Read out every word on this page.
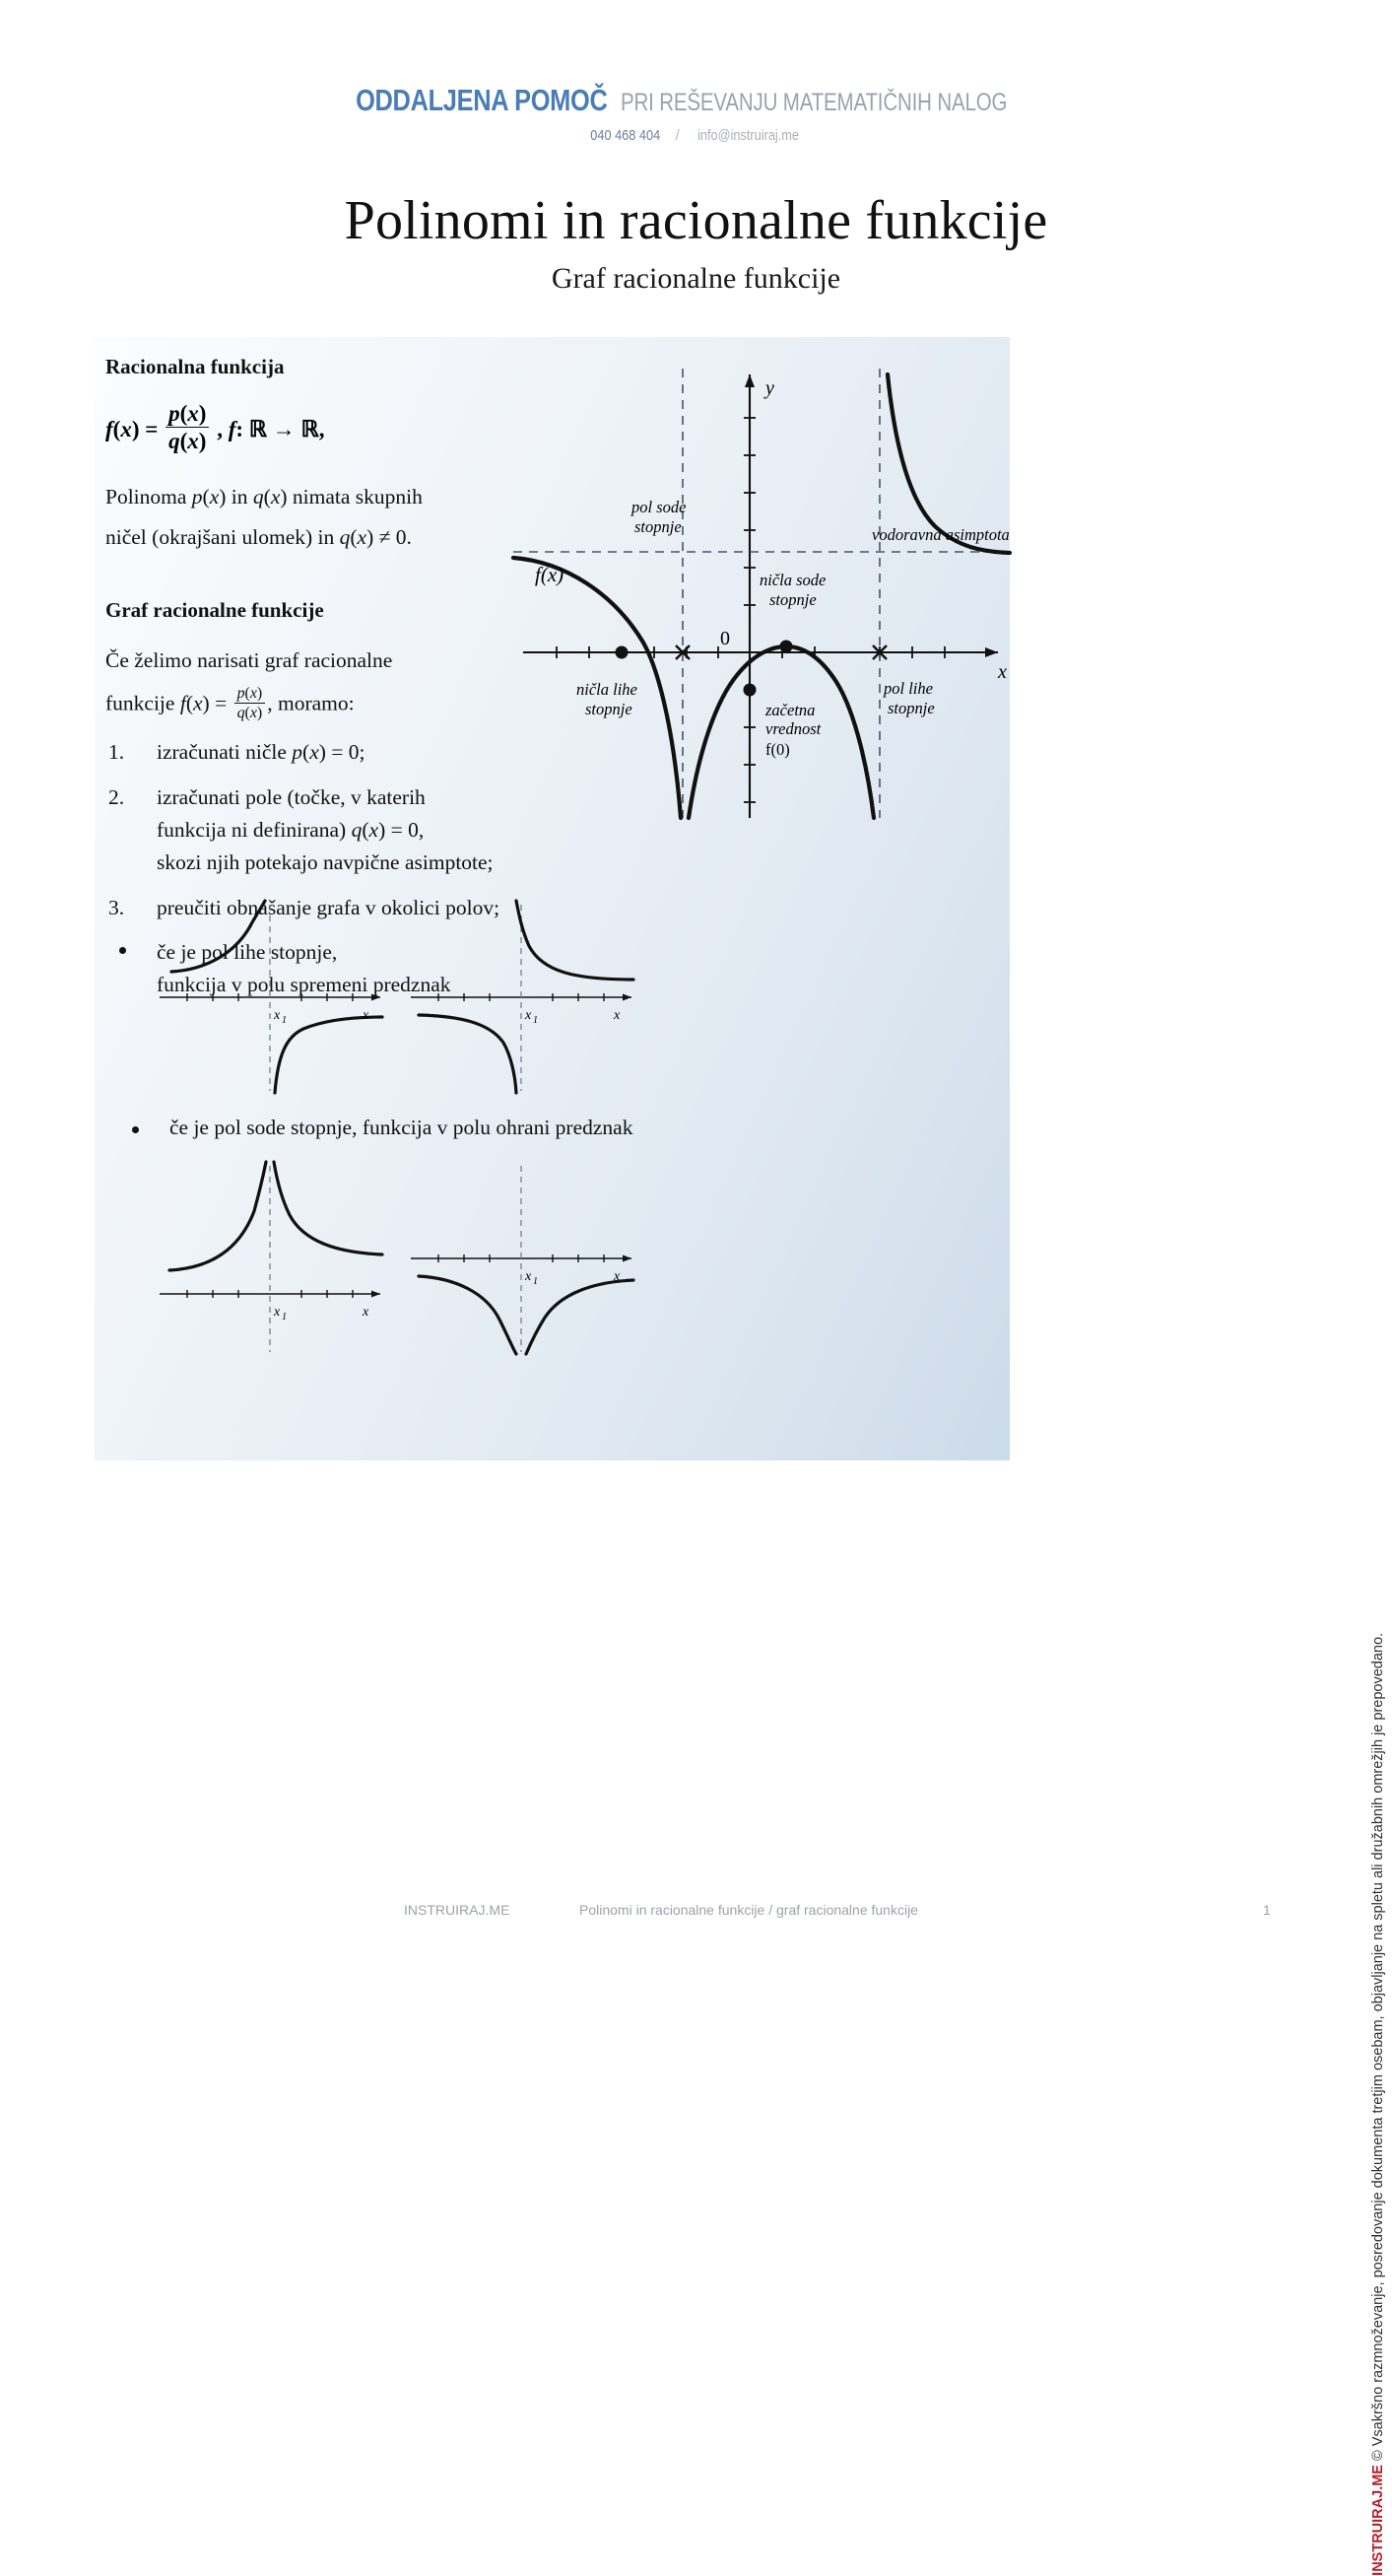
ODDALJENA POMOČ PRI REŠEVANJU MATEMATIČNIH NALOG
040 468 404 / info@instruiraj.me
Polinomi in racionalne funkcije
Graf racionalne funkcije
Racionalna funkcija
$f(x) = \frac{p(x)}{q(x)}$ , f: ℝ → ℝ,
Polinoma p(x) in q(x) nimata skupnih
ničel (okrajšani ulomek) in q(x) ≠ 0.
Graf racionalne funkcije
Če želimo narisati graf racionalne
funkcije $f(x) = \frac{p(x)}{q(x)}$ , moramo:
1. izračunati ničle p(x) = 0;
2. izračunati pole (točke, v katerih
funkcija ni definirana) q(x) = 0,
skozi njih potekajo navpične asimptote;
3. preučiti obnašanje grafa v okolici polov;
če je pol lihe stopnje,
funkcija v polu spremeni predznak
y
x
0
f(x)
pol sode
stopnje
ničla lihe
stopnje
ničla sode
stopnje
začetna
vrednost
f(0)
pol lihe
stopnje
vodoravna asimptota
x 1	x	x 1	x
če je pol sode stopnje, funkcija v polu ohrani predznak
x 1	x
x 1	x
INSTRUIRAJ.ME © Vsakršno razmnoževanje, posredovanje dokumenta tretjim osebam, objavljanje na spletu ali družabnih omrežjih je prepovedano.
INSTRUIRAJ.ME	Polinomi in racionalne funkcije / graf racionalne funkcije	1
